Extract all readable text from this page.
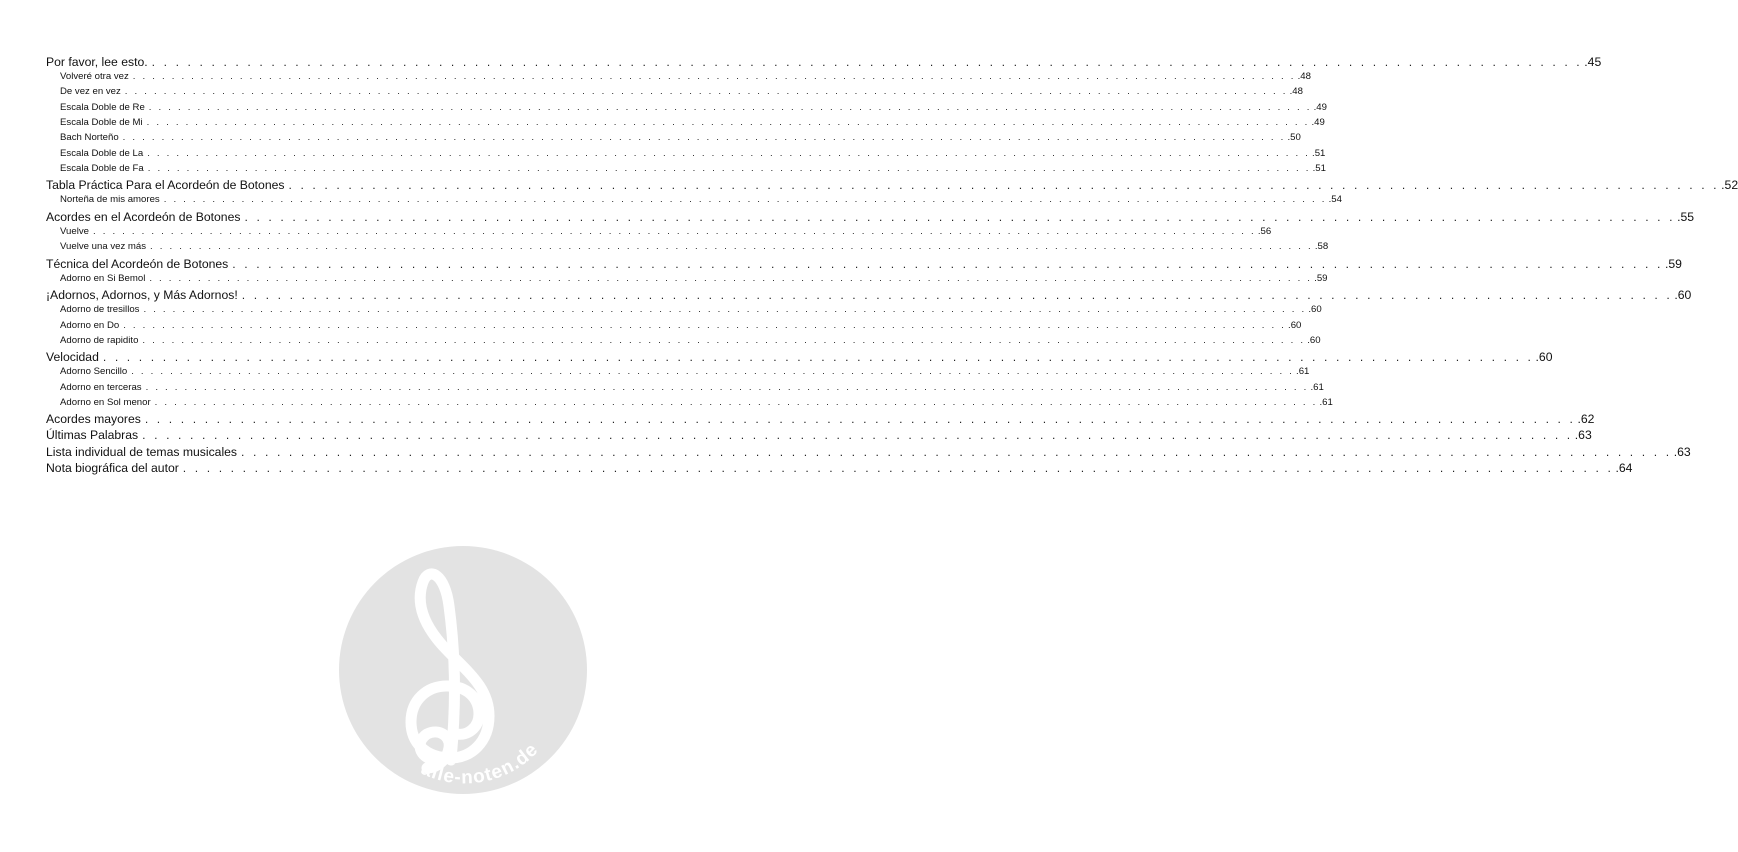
Por favor, lee esto. . . . . . . . . . . . . . . . . . . . . . . . . . . . . . . . . . . . . . . . . . . . . . . . . . . . . . . . . . . . . . . . . . . . . . . . . . . . . . . . . . . . . . . . . . . . . . . . . . . . . . . . . . . . . . . . . . . . . . . . . .45
Volveré otra vez . . . . . . . . . . . . . . . . . . . . . . . . . . . . . . . . . . . . . . . . . . . . . . . . . . . . . . . . . . . . . . . . . . . . . . . . . . . . . . . . . . . . . . . . . . . . . . . . . . . . . . . . . . . . . . . . . . . . . . . . .48
De vez en vez . . . . . . . . . . . . . . . . . . . . . . . . . . . . . . . . . . . . . . . . . . . . . . . . . . . . . . . . . . . . . . . . . . . . . . . . . . . . . . . . . . . . . . . . . . . . . . . . . . . . . . . . . . . . . . . . . . . . . . . . .48
Escala Doble de Re . . . . . . . . . . . . . . . . . . . . . . . . . . . . . . . . . . . . . . . . . . . . . . . . . . . . . . . . . . . . . . . . . . . . . . . . . . . . . . . . . . . . . . . . . . . . . . . . . . . . . . . . . . . . . . . . . . . . . . . . .49
Escala Doble de Mi . . . . . . . . . . . . . . . . . . . . . . . . . . . . . . . . . . . . . . . . . . . . . . . . . . . . . . . . . . . . . . . . . . . . . . . . . . . . . . . . . . . . . . . . . . . . . . . . . . . . . . . . . . . . . . . . . . . . . . . . .49
Bach Norteño . . . . . . . . . . . . . . . . . . . . . . . . . . . . . . . . . . . . . . . . . . . . . . . . . . . . . . . . . . . . . . . . . . . . . . . . . . . . . . . . . . . . . . . . . . . . . . . . . . . . . . . . . . . . . . . . . . . . . . . . .50
Escala Doble de La . . . . . . . . . . . . . . . . . . . . . . . . . . . . . . . . . . . . . . . . . . . . . . . . . . . . . . . . . . . . . . . . . . . . . . . . . . . . . . . . . . . . . . . . . . . . . . . . . . . . . . . . . . . . . . . . . . . . . . . . .51
Escala Doble de Fa . . . . . . . . . . . . . . . . . . . . . . . . . . . . . . . . . . . . . . . . . . . . . . . . . . . . . . . . . . . . . . . . . . . . . . . . . . . . . . . . . . . . . . . . . . . . . . . . . . . . . . . . . . . . . . . . . . . . . . . . .51
Tabla Práctica Para el Acordeón de Botones . . . . . . . . . . . . . . . . . . . . . . . . . . . . . . . . . . . . . . . . . . . . . . . . . . . . . . . . . . . . . . . . . . . . . . . . . . . . . . . . . . . . . . . . . . . . . . . . . . . . . . . . . . . . . . . . . . . . . . . . .52
Norteña de mis amores . . . . . . . . . . . . . . . . . . . . . . . . . . . . . . . . . . . . . . . . . . . . . . . . . . . . . . . . . . . . . . . . . . . . . . . . . . . . . . . . . . . . . . . . . . . . . . . . . . . . . . . . . . . . . . . . . . . . . . . . .54
Acordes en el Acordeón de Botones . . . . . . . . . . . . . . . . . . . . . . . . . . . . . . . . . . . . . . . . . . . . . . . . . . . . . . . . . . . . . . . . . . . . . . . . . . . . . . . . . . . . . . . . . . . . . . . . . . . . . . . . . . . . . . . . . . . . . . . . .55
Vuelve . . . . . . . . . . . . . . . . . . . . . . . . . . . . . . . . . . . . . . . . . . . . . . . . . . . . . . . . . . . . . . . . . . . . . . . . . . . . . . . . . . . . . . . . . . . . . . . . . . . . . . . . . . . . . . . . . . . . . . . . .56
Vuelve una vez más . . . . . . . . . . . . . . . . . . . . . . . . . . . . . . . . . . . . . . . . . . . . . . . . . . . . . . . . . . . . . . . . . . . . . . . . . . . . . . . . . . . . . . . . . . . . . . . . . . . . . . . . . . . . . . . . . . . . . . . . .58
Técnica del Acordeón de Botones . . . . . . . . . . . . . . . . . . . . . . . . . . . . . . . . . . . . . . . . . . . . . . . . . . . . . . . . . . . . . . . . . . . . . . . . . . . . . . . . . . . . . . . . . . . . . . . . . . . . . . . . . . . . . . . . . . . . . . . . .59
Adorno en Si Bemol . . . . . . . . . . . . . . . . . . . . . . . . . . . . . . . . . . . . . . . . . . . . . . . . . . . . . . . . . . . . . . . . . . . . . . . . . . . . . . . . . . . . . . . . . . . . . . . . . . . . . . . . . . . . . . . . . . . . . . . . .59
¡Adornos, Adornos, y Más Adornos! . . . . . . . . . . . . . . . . . . . . . . . . . . . . . . . . . . . . . . . . . . . . . . . . . . . . . . . . . . . . . . . . . . . . . . . . . . . . . . . . . . . . . . . . . . . . . . . . . . . . . . . . . . . . . . . . . . . . . . . . .60
Adorno de tresillos . . . . . . . . . . . . . . . . . . . . . . . . . . . . . . . . . . . . . . . . . . . . . . . . . . . . . . . . . . . . . . . . . . . . . . . . . . . . . . . . . . . . . . . . . . . . . . . . . . . . . . . . . . . . . . . . . . . . . . . . .60
Adorno en Do . . . . . . . . . . . . . . . . . . . . . . . . . . . . . . . . . . . . . . . . . . . . . . . . . . . . . . . . . . . . . . . . . . . . . . . . . . . . . . . . . . . . . . . . . . . . . . . . . . . . . . . . . . . . . . . . . . . . . . . . .60
Adorno de rapidito . . . . . . . . . . . . . . . . . . . . . . . . . . . . . . . . . . . . . . . . . . . . . . . . . . . . . . . . . . . . . . . . . . . . . . . . . . . . . . . . . . . . . . . . . . . . . . . . . . . . . . . . . . . . . . . . . . . . . . . . .60
Velocidad . . . . . . . . . . . . . . . . . . . . . . . . . . . . . . . . . . . . . . . . . . . . . . . . . . . . . . . . . . . . . . . . . . . . . . . . . . . . . . . . . . . . . . . . . . . . . . . . . . . . . . . . . . . . . . . . . . . . . . . . .60
Adorno Sencillo . . . . . . . . . . . . . . . . . . . . . . . . . . . . . . . . . . . . . . . . . . . . . . . . . . . . . . . . . . . . . . . . . . . . . . . . . . . . . . . . . . . . . . . . . . . . . . . . . . . . . . . . . . . . . . . . . . . . . . . . .61
Adorno en terceras . . . . . . . . . . . . . . . . . . . . . . . . . . . . . . . . . . . . . . . . . . . . . . . . . . . . . . . . . . . . . . . . . . . . . . . . . . . . . . . . . . . . . . . . . . . . . . . . . . . . . . . . . . . . . . . . . . . . . . . . .61
Adorno en Sol menor . . . . . . . . . . . . . . . . . . . . . . . . . . . . . . . . . . . . . . . . . . . . . . . . . . . . . . . . . . . . . . . . . . . . . . . . . . . . . . . . . . . . . . . . . . . . . . . . . . . . . . . . . . . . . . . . . . . . . . . . .61
Acordes mayores . . . . . . . . . . . . . . . . . . . . . . . . . . . . . . . . . . . . . . . . . . . . . . . . . . . . . . . . . . . . . . . . . . . . . . . . . . . . . . . . . . . . . . . . . . . . . . . . . . . . . . . . . . . . . . . . . . . . . . . . .62
Últimas Palabras . . . . . . . . . . . . . . . . . . . . . . . . . . . . . . . . . . . . . . . . . . . . . . . . . . . . . . . . . . . . . . . . . . . . . . . . . . . . . . . . . . . . . . . . . . . . . . . . . . . . . . . . . . . . . . . . . . . . . . . . .63
Lista individual de temas musicales . . . . . . . . . . . . . . . . . . . . . . . . . . . . . . . . . . . . . . . . . . . . . . . . . . . . . . . . . . . . . . . . . . . . . . . . . . . . . . . . . . . . . . . . . . . . . . . . . . . . . . . . . . . . . . . . . . . . . . . . .63
Nota biográfica del autor . . . . . . . . . . . . . . . . . . . . . . . . . . . . . . . . . . . . . . . . . . . . . . . . . . . . . . . . . . . . . . . . . . . . . . . . . . . . . . . . . . . . . . . . . . . . . . . . . . . . . . . . . . . . . . . . . . . . . . . . .64
alle-noten.de
